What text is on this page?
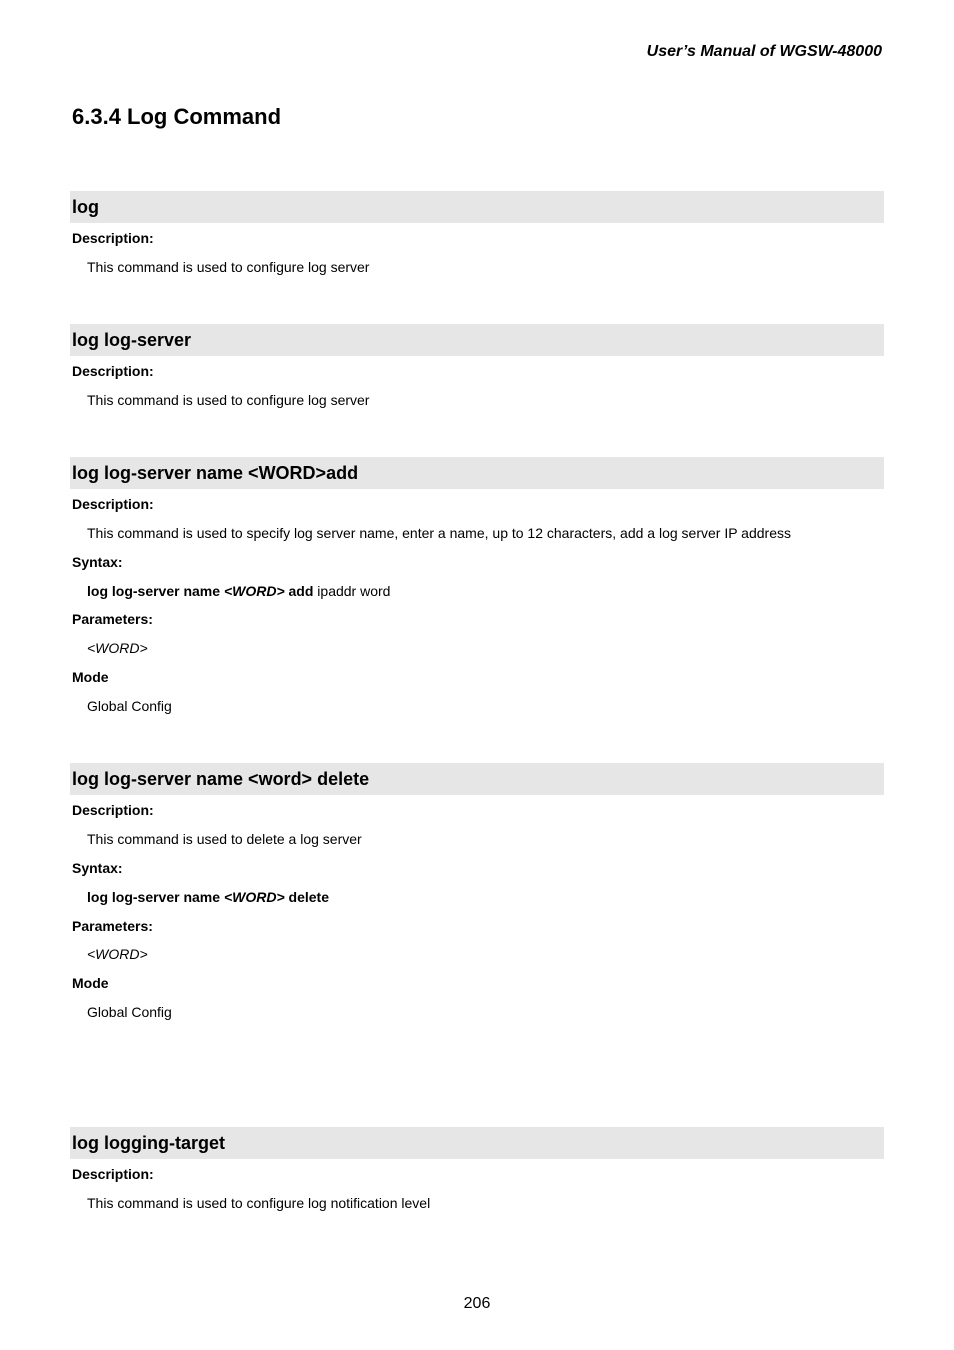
User’s Manual of WGSW-48000
6.3.4 Log Command
log
Description:
This command is used to configure log server
log log-server
Description:
This command is used to configure log server
log log-server name <WORD>add
Description:
This command is used to specify log server name, enter a name, up to 12 characters, add a log server IP address
Syntax:
log log-server name <WORD> add ipaddr word
Parameters:
<WORD>
Mode
Global Config
log log-server name <word> delete
Description:
This command is used to delete a log server
Syntax:
log log-server name <WORD> delete
Parameters:
<WORD>
Mode
Global Config
log logging-target
Description:
This command is used to configure log notification level
206
